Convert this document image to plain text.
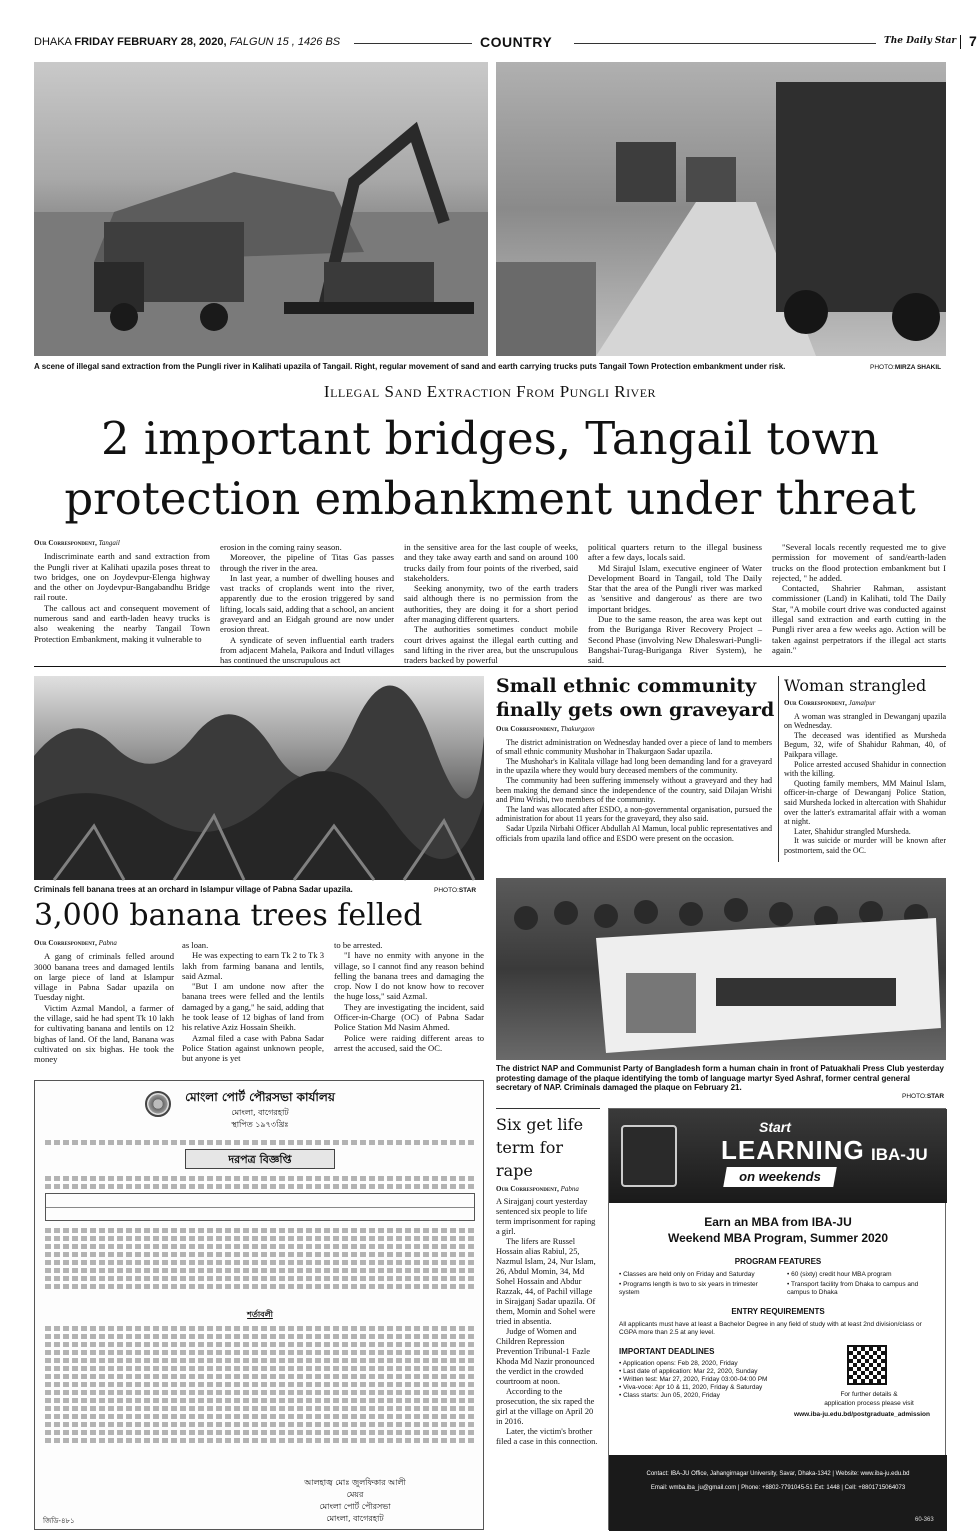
DHAKA FRIDAY FEBRUARY 28, 2020, FALGUN 15 , 1426 BS	COUNTRY	The Daily Star 7
A scene of illegal sand extraction from the Pungli river in Kalihati upazila of Tangail. Right, regular movement of sand and earth carrying trucks puts Tangail Town Protection embankment under risk.	PHOTO:MIRZA SHAKIL
Illegal Sand Extraction From Pungli River
2 important bridges, Tangail town
protection embankment under threat
Our Correspondent, Tangail

Indiscriminate earth and sand extraction from the Pungli river at Kalihati upazila poses threat to two bridges, one on Joydevpur-Elenga highway and the other on Joydevpur-Bangabandhu Bridge rail route.

The callous act and consequent movement of numerous sand and earth-laden heavy trucks is also weakening the nearby Tangail Town Protection Embankment, making it vulnerable to

erosion in the coming rainy season.

Moreover, the pipeline of Titas Gas passes through the river in the area.

In last year, a number of dwelling houses and vast tracks of croplands went into the river, apparently due to the erosion triggered by sand lifting, locals said, adding that a school, an ancient graveyard and an Eidgah ground are now under erosion threat.

A syndicate of seven influential earth traders from adjacent Mahela, Paikora and Indutl villages has continued the unscrupulous act

in the sensitive area for the last couple of weeks, and they take away earth and sand on around 100 trucks daily from four points of the riverbed, said stakeholders.

Seeking anonymity, two of the earth traders said although there is no permission from the authorities, they are doing it for a short period after managing different quarters.

The authorities sometimes conduct mobile court drives against the illegal earth cutting and sand lifting in the river area, but the unscrupulous traders backed by powerful

political quarters return to the illegal business after a few days, locals said.

Md Sirajul Islam, executive engineer of Water Development Board in Tangail, told The Daily Star that the area of the Pungli river was marked as 'sensitive and dangerous' as there are two important bridges.

Due to the same reason, the area was kept out from the Buriganga River Recovery Project – Second Phase (involving New Dhaleswari-Pungli-Bangshai-Turag-Buriganga River System), he said.

"Several locals recently requested me to give permission for movement of sand/earth-laden trucks on the flood protection embankment but I rejected, " he added.

Contacted, Shahrier Rahman, assistant commissioner (Land) in Kalihati, told The Daily Star, "A mobile court drive was conducted against illegal sand extraction and earth cutting in the Pungli river area a few weeks ago. Action will be taken against perpetrators if the illegal act starts again."

Criminals fell banana trees at an orchard in Islampur village of Pabna Sadar upazila.	PHOTO:STAR
3,000 banana trees felled
Our Correspondent, Pabna

A gang of criminals felled around 3000 banana trees and damaged lentils on large piece of land at Islampur village in Pabna Sadar upazila on Tuesday night.

Victim Azmal Mandol, a farmer of the village, said he had spent Tk 10 lakh for cultivating banana and lentils on 12 bighas of land. Of the land, Banana was cultivated on six bighas. He took the money

as loan.

He was expecting to earn Tk 2 to Tk 3 lakh from farming banana and lentils, said Azmal.

"But I am undone now after the banana trees were felled and the lentils damaged by a gang," he said, adding that he took lease of 12 bighas of land from his relative Aziz Hossain Sheikh.

Azmal filed a case with Pabna Sadar Police Station against unknown people, but anyone is yet

to be arrested.

"I have no enmity with anyone in the village, so I cannot find any reason behind felling the banana trees and damaging the crop. Now I do not know how to recover the huge loss," said Azmal.

They are investigating the incident, said Officer-in-Charge (OC) of Pabna Sadar Police Station Md Nasim Ahmed.

Police were raiding different areas to arrest the accused, said the OC.

Small ethnic community
finally gets own graveyard
Our Correspondent, Thakurgaon

The district administration on Wednesday handed over a piece of land to members of small ethnic community Mushohar in Thakurgaon Sadar upazila.

The Mushohar's in Kalitala village had long been demanding land for a graveyard in the upazila where they would bury deceased members of the community.

The community had been suffering immensely without a graveyard and they had been making the demand since the independence of the country, said Dilajan Wrishi and Pinu Wrishi, two members of the community.

The land was allocated after ESDO, a non-governmental organisation, pursued the administration for about 11 years for the graveyard, they also said.

Sadar Upzila Nirbahi Officer Abdullah Al Mamun, local public representatives and officials from upazila land office and ESDO were present on the occasion.

Woman strangled
Our Correspondent, Jamalpur

A woman was strangled in Dewanganj upazila on Wednesday.

The deceased was identified as Mursheda Begum, 32, wife of Shahidur Rahman, 40, of Paikpara village.

Police arrested accused Shahidur in connection with the killing.

Quoting family members, MM Mainul Islam, officer-in-charge of Dewanganj Police Station, said Mursheda locked in altercation with Shahidur over the latter's extramarital affair with a woman at night.

Later, Shahidur strangled Mursheda.

It was suicide or murder will be known after postmortem, said the OC.

The district NAP and Communist Party of Bangladesh form a human chain in front of Patuakhali Press Club yesterday protesting damage of the plaque identifying the tomb of language martyr Syed Ashraf, former central general secretary of NAP. Criminals damaged the plaque on February 21.
PHOTO:STAR
মোংলা পোর্ট পৌরসভা কার্যালয়
মোংলা, বাগেরহাট
স্থাপিত ১৯৭৩খ্রিঃ
দরপত্র বিজ্ঞপ্তি
শর্তাবলী
আলহাজ্ব মোঃ জুলফিকার আলী
মেয়র
মোংলা পোর্ট পৌরসভা
মোংলা, বাগেরহাট
জিডি-৪৮১
Six get life
term for
rape
Our Correspondent, Pabna

A Sirajganj court yesterday sentenced six people to life term imprisonment for raping a girl.

The lifers are Russel Hossain alias Rabiul, 25, Nazmul Islam, 24, Nur Islam, 26, Abdul Momin, 34, Md Sohel Hossain and Abdur Razzak, 44, of Pachil village in Sirajganj Sadar upazila. Of them, Momin and Sohel were tried in absentia.

Judge of Women and Children Repression Prevention Tribunal-1 Fazle Khoda Md Nazir pronounced the verdict in the crowded courtroom at noon.

According to the prosecution, the six raped the girl at the village on April 20 in 2016.

Later, the victim's brother filed a case in this connection.

Start
LEARNING
on weekends
IBA-JU
Earn an MBA from IBA-JU
Weekend MBA Program, Summer 2020
PROGRAM FEATURES
• Classes are held only on Friday and Saturday
• Programs length is two to six years in trimester system
• 60 (sixty) credit hour MBA program
• Transport facility from Dhaka to campus and campus to Dhaka
ENTRY REQUIREMENTS
All applicants must have at least a Bachelor Degree in any field of study with at least 2nd division/class or CGPA more than 2.5 at any level.
IMPORTANT DEADLINES
• Application opens: Feb 28, 2020, Friday
• Last date of application: Mar 22, 2020, Sunday
• Written test: Mar 27, 2020, Friday 03:00-04:00 PM
• Viva-voce: Apr 10 & 11, 2020, Friday & Saturday
• Class starts: Jun 05, 2020, Friday	For further details &
application process please visit
www.iba-ju.edu.bd/postgraduate_admission
Contact: IBA-JU Office, Jahangirnagar University, Savar, Dhaka-1342 | Website: www.iba-ju.edu.bd
Email: wmba.iba_ju@gmail.com | Phone: +8802-7791045-51 Ext: 1448 | Cell: +8801715064073
60-363
